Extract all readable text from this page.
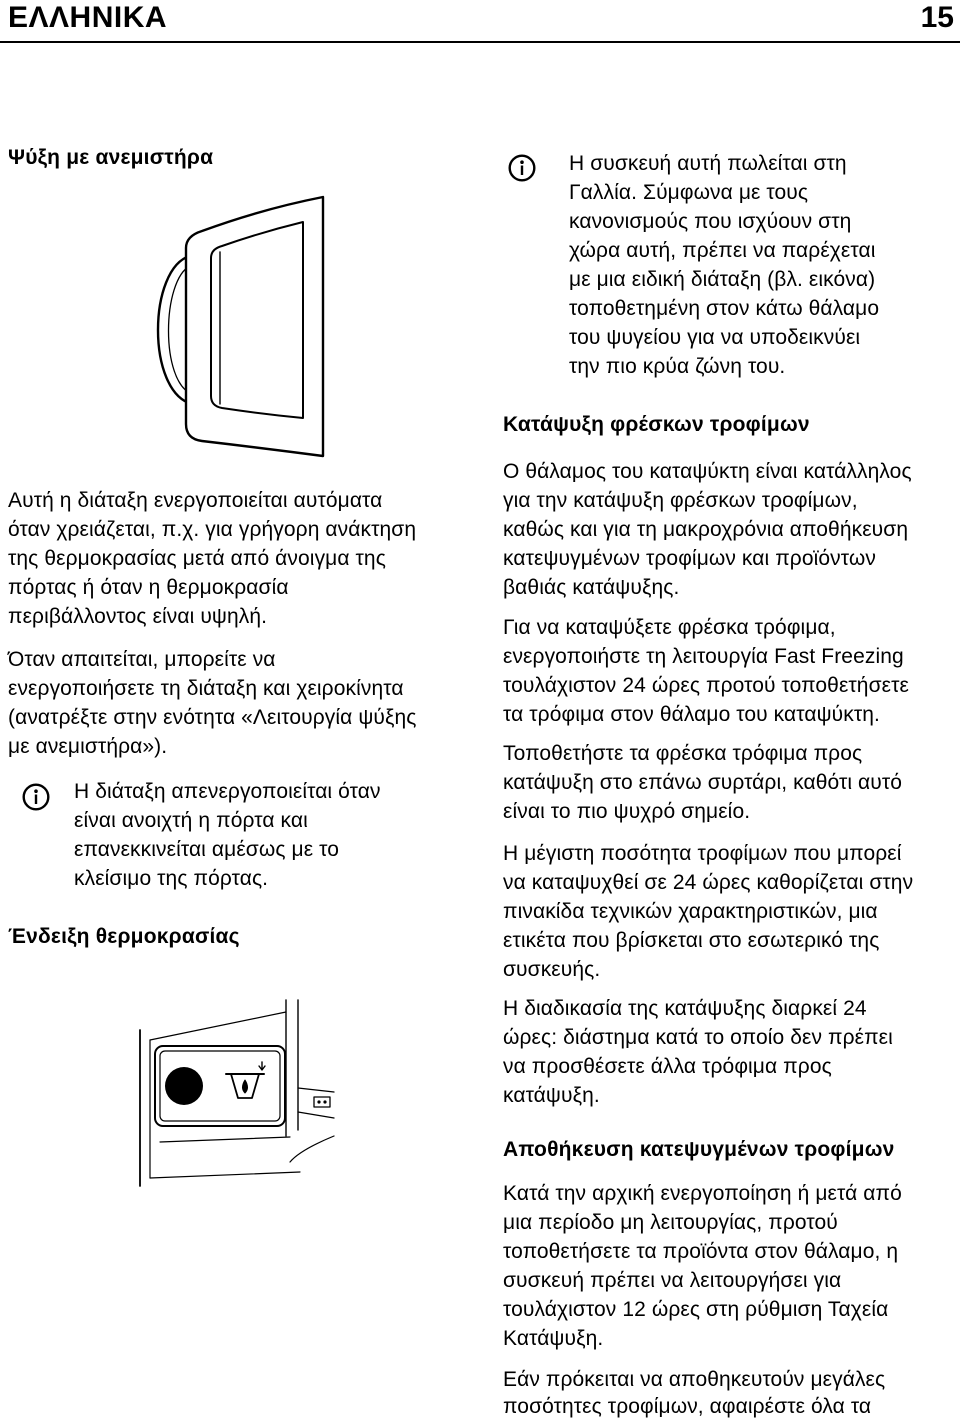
ΕΛΛΗΝΙΚΑ	15
Ψύξη με ανεμιστήρα
Αυτή η διάταξη ενεργοποιείται αυτόματα
όταν χρειάζεται, π.χ. για γρήγορη ανάκτηση
της θερμοκρασίας μετά από άνοιγμα της
πόρτας ή όταν η θερμοκρασία
περιβάλλοντος είναι υψηλή.
Όταν απαιτείται, μπορείτε να
ενεργοποιήσετε τη διάταξη και χειροκίνητα
(ανατρέξτε στην ενότητα «Λειτουργία ψύξης
με ανεμιστήρα»).
Η διάταξη απενεργοποιείται όταν
είναι ανοιχτή η πόρτα και
επανεκκινείται αμέσως με το
κλείσιμο της πόρτας.
Ένδειξη θερμοκρασίας
Η συσκευή αυτή πωλείται στη
Γαλλία. Σύμφωνα με τους
κανονισμούς που ισχύουν στη
χώρα αυτή, πρέπει να παρέχεται
με μια ειδική διάταξη (βλ. εικόνα)
τοποθετημένη στον κάτω θάλαμο
του ψυγείου για να υποδεικνύει
την πιο κρύα ζώνη του.
Κατάψυξη φρέσκων τροφίμων
Ο θάλαμος του καταψύκτη είναι κατάλληλος
για την κατάψυξη φρέσκων τροφίμων,
καθώς και για τη μακροχρόνια αποθήκευση
κατεψυγμένων τροφίμων και προϊόντων
βαθιάς κατάψυξης.
Για να καταψύξετε φρέσκα τρόφιμα,
ενεργοποιήστε τη λειτουργία Fast Freezing
τουλάχιστον 24 ώρες προτού τοποθετήσετε
τα τρόφιμα στον θάλαμο του καταψύκτη.
Τοποθετήστε τα φρέσκα τρόφιμα προς
κατάψυξη στο επάνω συρτάρι, καθότι αυτό
είναι το πιο ψυχρό σημείο.
Η μέγιστη ποσότητα τροφίμων που μπορεί
να καταψυχθεί σε 24 ώρες καθορίζεται στην
πινακίδα τεχνικών χαρακτηριστικών, μια
ετικέτα που βρίσκεται στο εσωτερικό της
συσκευής.
Η διαδικασία της κατάψυξης διαρκεί 24
ώρες: διάστημα κατά το οποίο δεν πρέπει
να προσθέσετε άλλα τρόφιμα προς
κατάψυξη.
Αποθήκευση κατεψυγμένων τροφίμων
Κατά την αρχική ενεργοποίηση ή μετά από
μια περίοδο μη λειτουργίας, προτού
τοποθετήσετε τα προϊόντα στον θάλαμο, η
συσκευή πρέπει να λειτουργήσει για
τουλάχιστον 12 ώρες στη ρύθμιση Ταχεία
Κατάψυξη.
Εάν πρόκειται να αποθηκευτούν μεγάλες
ποσότητες τροφίμων, αφαιρέστε όλα τα
